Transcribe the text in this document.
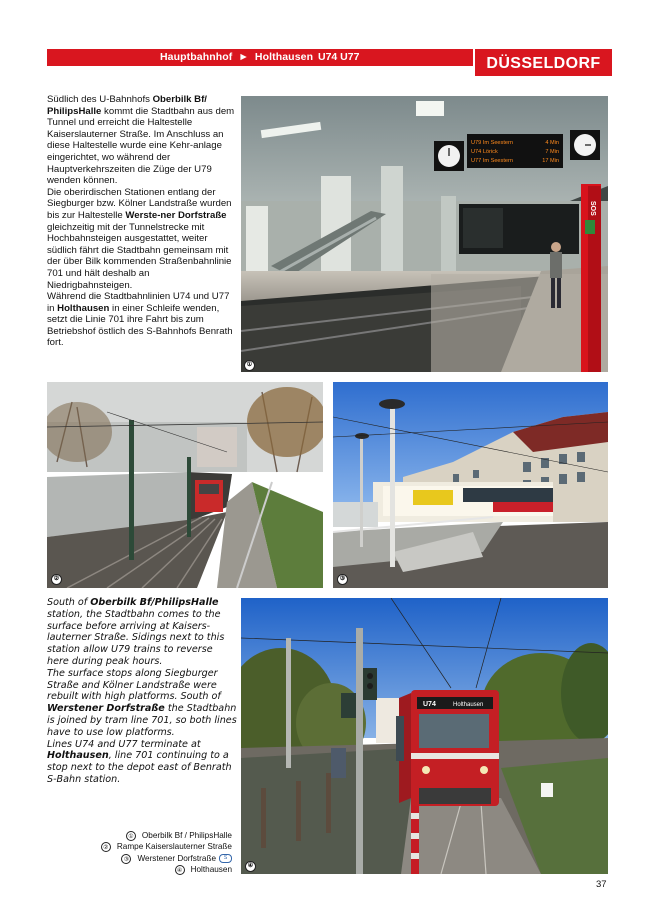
Hauptbahnhof ► Holthausen U74 U77	DÜSSELDORF

Südlich des U-Bahnhofs Oberbilk Bf/ PhilipsHalle kommt die Stadtbahn aus dem Tunnel und erreicht die Haltestelle Kaiserslauterner Straße. Im Anschluss an diese Haltestelle wurde eine Kehr-anlage eingerichtet, wo während der Hauptverkehrszeiten die Züge der U79 wenden können.

Die oberirdischen Stationen entlang der Siegburger bzw. Kölner Landstraße wurden bis zur Haltestelle Werste-ner Dorfstraße gleichzeitig mit der Tunnelstrecke mit Hochbahnsteigen ausgestattet, weiter südlich fährt die Stadtbahn gemeinsam mit der über Bilk kommenden Straßenbahnlinie 701 und hält deshalb an Niedrigbahnsteigen.

Während die Stadtbahnlinien U74 und U77 in Holthausen in einer Schleife wenden, setzt die Linie 701 ihre Fahrt bis zum Betriebshof östlich des S-Bahnhofs Benrath fort.

South of Oberbilk Bf/PhilipsHalle station, the Stadtbahn comes to the surface before arriving at Kaisers-lauterner Straße. Sidings next to this station allow U79 trains to reverse here during peak hours.

The surface stops along Siegburger Straße and Kölner Landstraße were rebuilt with high platforms. South of Werstener Dorfstraße the Stadtbahn is joined by tram line 701, so both lines have to use low platforms.

Lines U74 and U77 terminate at Holthausen, line 701 continuing to a stop next to the depot east of Benrath S-Bahn station.

U79 Im Seestern	4 Min
U74 Lörick	7 Min
U77 Im Seestern	17 Min
SOS
①
②	③
U74	Holthausen
④
① Oberbilk Bf / PhilipsHalle
② Rampe Kaiserslauterner Straße
③ Werstener Dorfstraße	S
④ Holthausen
37
